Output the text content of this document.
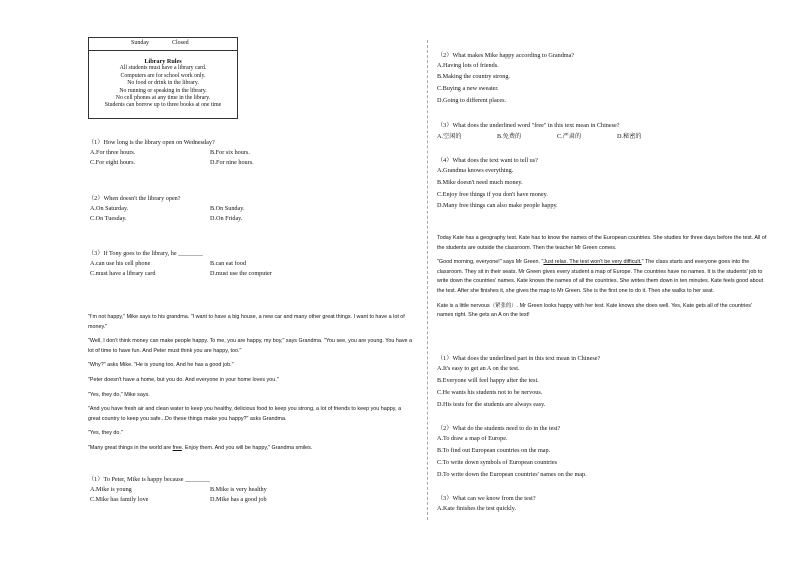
Sunday	Closed
Library Rules
All students must have a library card.
Computers are for school work only.
No food or drink in the library.
No running or speaking in the library.
No cell phones at any time in the library.
Students can borrow up to three books at one time
（1）How long is the library open on Wednesday?
A.For three hours.	B.For six hours.
C.For eight hours.	D.For nine hours.
（2）When doesn't the library open?
A.On Saturday.	B.On Sunday.
C.On Tuesday.	D.On Friday.
（3）If Tony goes to the library, he ________
A.can use his cell phone	B.can eat food
C.must have a library card	D.must use the computer
"I'm not happy," Mike says to his grandma. "I want to have a big house, a new car and many other great things. I want to have a lot of money."
"Well, I don't think money can make people happy. To me, you are happy, my boy," says Grandma. "You see, you are young. You have a lot of time to have fun. And Peter must think you are happy, too."
"Why?" asks Mike. "He is young too. And he has a good job."
"Peter doesn't have a home, but you do. And everyone in your home loves you."
"Yes, they do," Mike says.
"And you have fresh air and clean water to keep you healthy, delicious food to keep you strong, a lot of friends to keep you happy, a great country to keep you safe...Do these things make you happy?" asks Grandma.
"Yes, they do."
"Many great things in the world are free. Enjoy them. And you will be happy," Grandma smiles.
（1）To Peter, Mike is happy because ________
A.Mike is young	B.Mike is very healthy
C.Mike has family love	D.Mike has a good job
（2）What makes Mike happy according to Grandma?
A.Having lots of friends.
B.Making the country strong.
C.Buying a new sweater.
D.Going to different places.
（3）What does the underlined word "free" in this text mean in Chinese?
A.空闲的	B.免费的	C.严肃的	D.秘密的
（4）What does the text want to tell us?
A.Grandma knows everything.
B.Mike doesn't need much money.
C.Enjoy free things if you don't have money.
D.Many free things can also make people happy.
Today Kate has a geography test. Kate has to know the names of the European countries. She studies for three days before the test. All of the students are outside the classroom. Then the teacher Mr Green comes.
"Good morning, everyone!" says Mr Green. "Just relax. The test won't be very difficult." The class starts and everyone goes into the classroom. They sit in their seats. Mr Green gives every student a map of Europe. The countries have no names. It is the students' job to write down the countries' names. Kate knows the names of all the countries. She writes them down in ten minutes. Kate feels good about the test. After she finishes it, she gives the map to Mr Green. She is the first one to do it. Then she walks to her seat.
Kate is a little nervous（紧张的）. Mr Green looks happy with her test. Kate knows she does well. Yes, Kate gets all of the countries' names right. She gets an A on the test!
（1）What does the underlined part in this text mean in Chinese?
A.It's easy to get an A on the test.
B.Everyone will feel happy after the test.
C.He wants his students not to be nervous.
D.His tests for the students are always easy.
（2）What do the students need to do in the test?
A.To draw a map of Europe.
B.To find out European countries on the map.
C.To write down symbols of European countries
D.To write down the European countries' names on the map.
（3）What can we know from the test?
A.Kate finishes the test quickly.
